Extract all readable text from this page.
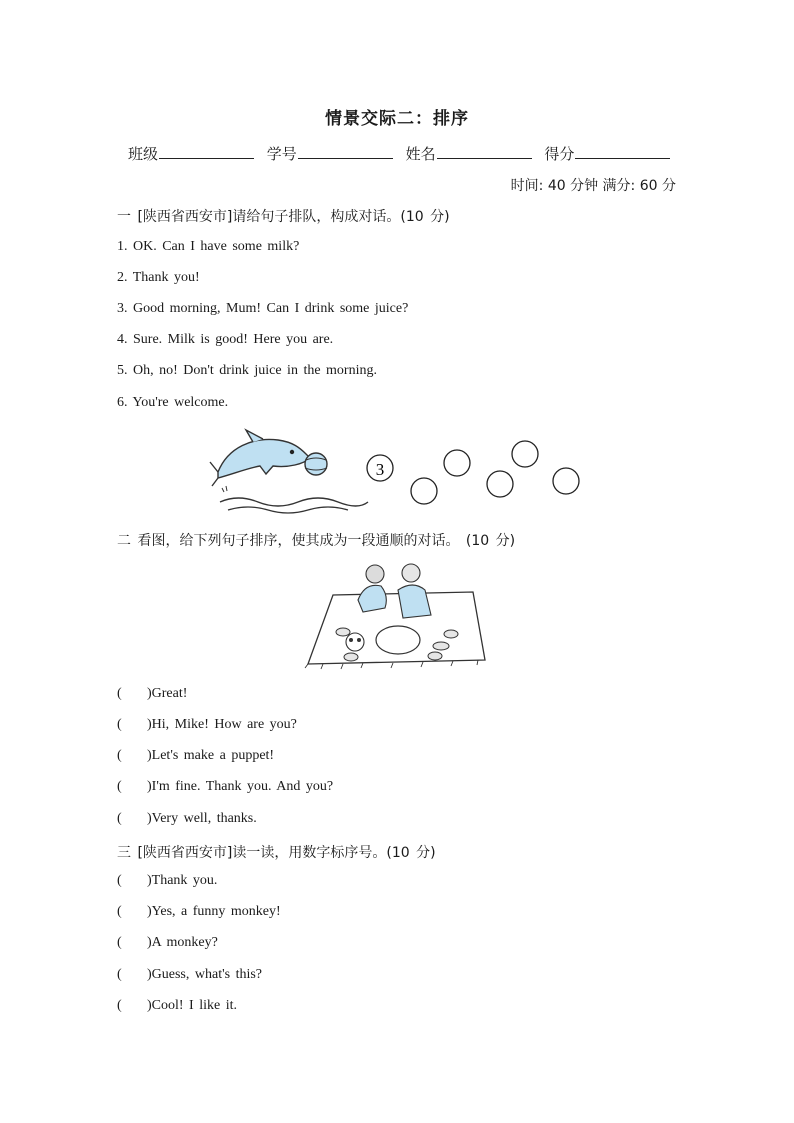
情景交际二：排序
班级	学号	姓名	得分
时间: 40 分钟 满分: 60 分
一 [陕西省西安市]请给句子排队，构成对话。(10 分)
1. OK. Can I have some milk?
2. Thank you!
3. Good morning, Mum! Can I drink some juice?
4. Sure. Milk is good! Here you are.
5. Oh, no! Don't drink juice in the morning.
6. You're welcome.
3
二 看图，给下列句子排序，使其成为一段通顺的对话。 (10 分)
( )Great!
( )Hi, Mike! How are you?
( )Let's make a puppet!
( )I'm fine. Thank you. And you?
( )Very well, thanks.
三 [陕西省西安市]读一读，用数字标序号。(10 分)
( )Thank you.
( )Yes, a funny monkey!
( )A monkey?
( )Guess, what's this?
( )Cool! I like it.
